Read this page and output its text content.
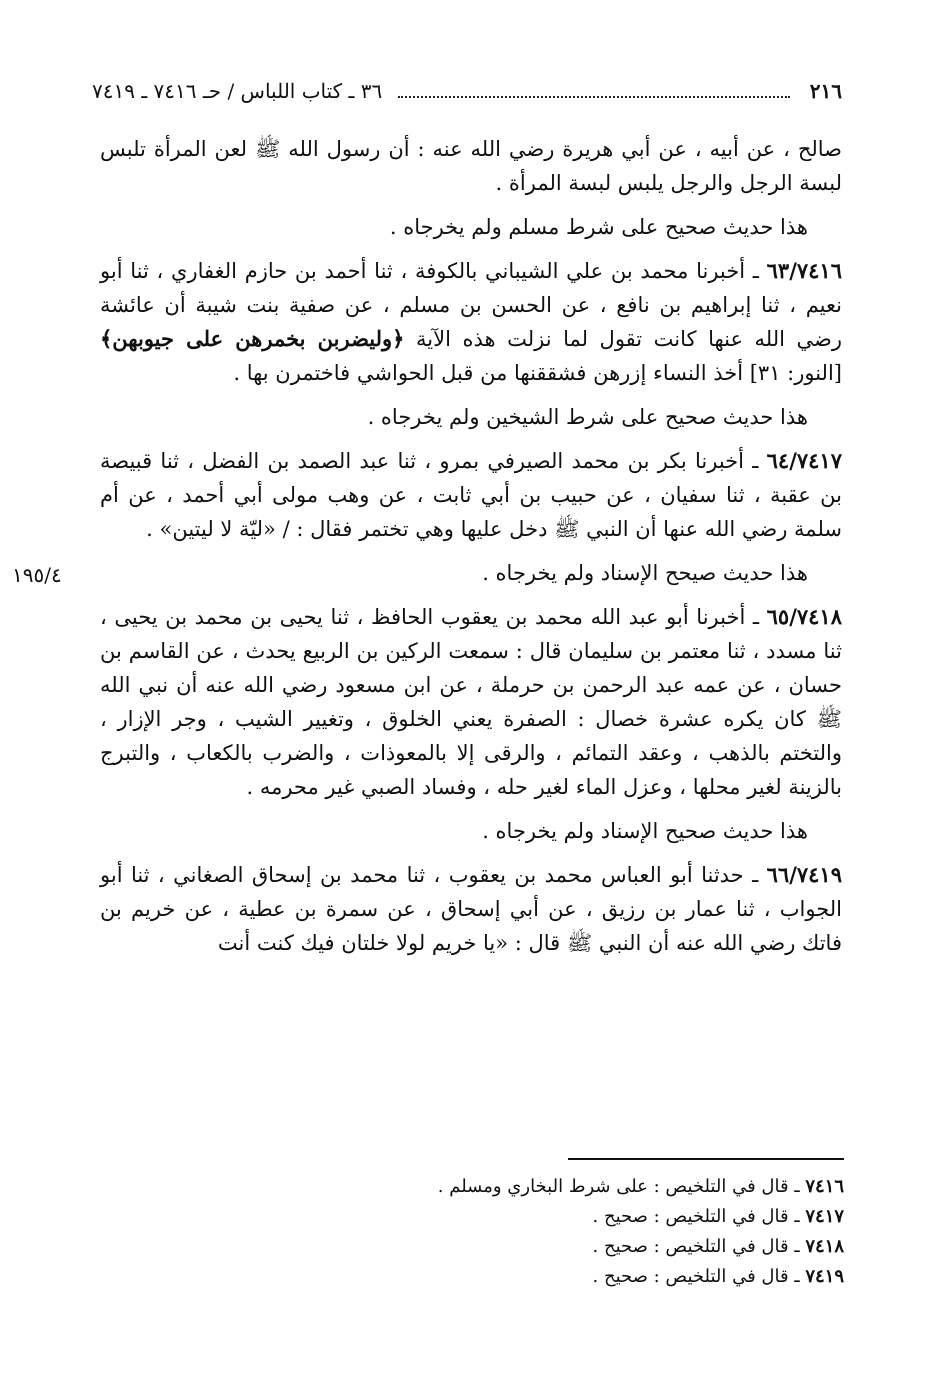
٢١٦
٣٦ ـ كتاب اللباس / حـ ٧٤١٦ ـ ٧٤١٩

صالح ، عن أبيه ، عن أبي هريرة رضي الله عنه : أن رسول الله ﷺ لعن المرأة تلبس لبسة الرجل والرجل يلبس لبسة المرأة .

هذا حديث صحيح على شرط مسلم ولم يخرجاه .

٦٣/٧٤١٦ ـ أخبرنا محمد بن علي الشيباني بالكوفة ، ثنا أحمد بن حازم الغفاري ، ثنا أبو نعيم ، ثنا إبراهيم بن نافع ، عن الحسن بن مسلم ، عن صفية بنت شيبة أن عائشة رضي الله عنها كانت تقول لما نزلت هذه الآية ﴿وليضربن بخمرهن على جيوبهن﴾ [النور: ٣١] أخذ النساء إزرهن فشققنها من قبل الحواشي فاختمرن بها .

هذا حديث صحيح على شرط الشيخين ولم يخرجاه .

٦٤/٧٤١٧ ـ أخبرنا بكر بن محمد الصيرفي بمرو ، ثنا عبد الصمد بن الفضل ، ثنا قبيصة بن عقبة ، ثنا سفيان ، عن حبيب بن أبي ثابت ، عن وهب مولى أبي أحمد ، عن أم سلمة رضي الله عنها أن النبي ﷺ دخل عليها وهي تختمر فقال : / «ليّة لا ليتين» .

هذا حديث صيحح الإسناد ولم يخرجاه .

٦٥/٧٤١٨ ـ أخبرنا أبو عبد الله محمد بن يعقوب الحافظ ، ثنا يحيى بن محمد بن يحيى ، ثنا مسدد ، ثنا معتمر بن سليمان قال : سمعت الركين بن الربيع يحدث ، عن القاسم بن حسان ، عن عمه عبد الرحمن بن حرملة ، عن ابن مسعود رضي الله عنه أن نبي الله ﷺ كان يكره عشرة خصال : الصفرة يعني الخلوق ، وتغيير الشيب ، وجر الإزار ، والتختم بالذهب ، وعقد التمائم ، والرقى إلا بالمعوذات ، والضرب بالكعاب ، والتبرج بالزينة لغير محلها ، وعزل الماء لغير حله ، وفساد الصبي غير محرمه .

هذا حديث صحيح الإسناد ولم يخرجاه .

٦٦/٧٤١٩ ـ حدثنا أبو العباس محمد بن يعقوب ، ثنا محمد بن إسحاق الصغاني ، ثنا أبو الجواب ، ثنا عمار بن رزيق ، عن أبي إسحاق ، عن سمرة بن عطية ، عن خريم بن فاتك رضي الله عنه أن النبي ﷺ قال : «يا خريم لولا خلتان فيك كنت أنت

١٩٥/٤
٧٤١٦ ـ قال في التلخيص : على شرط البخاري ومسلم .
٧٤١٧ ـ قال في التلخيص : صحيح .
٧٤١٨ ـ قال في التلخيص : صحيح .
٧٤١٩ ـ قال في التلخيص : صحيح .
